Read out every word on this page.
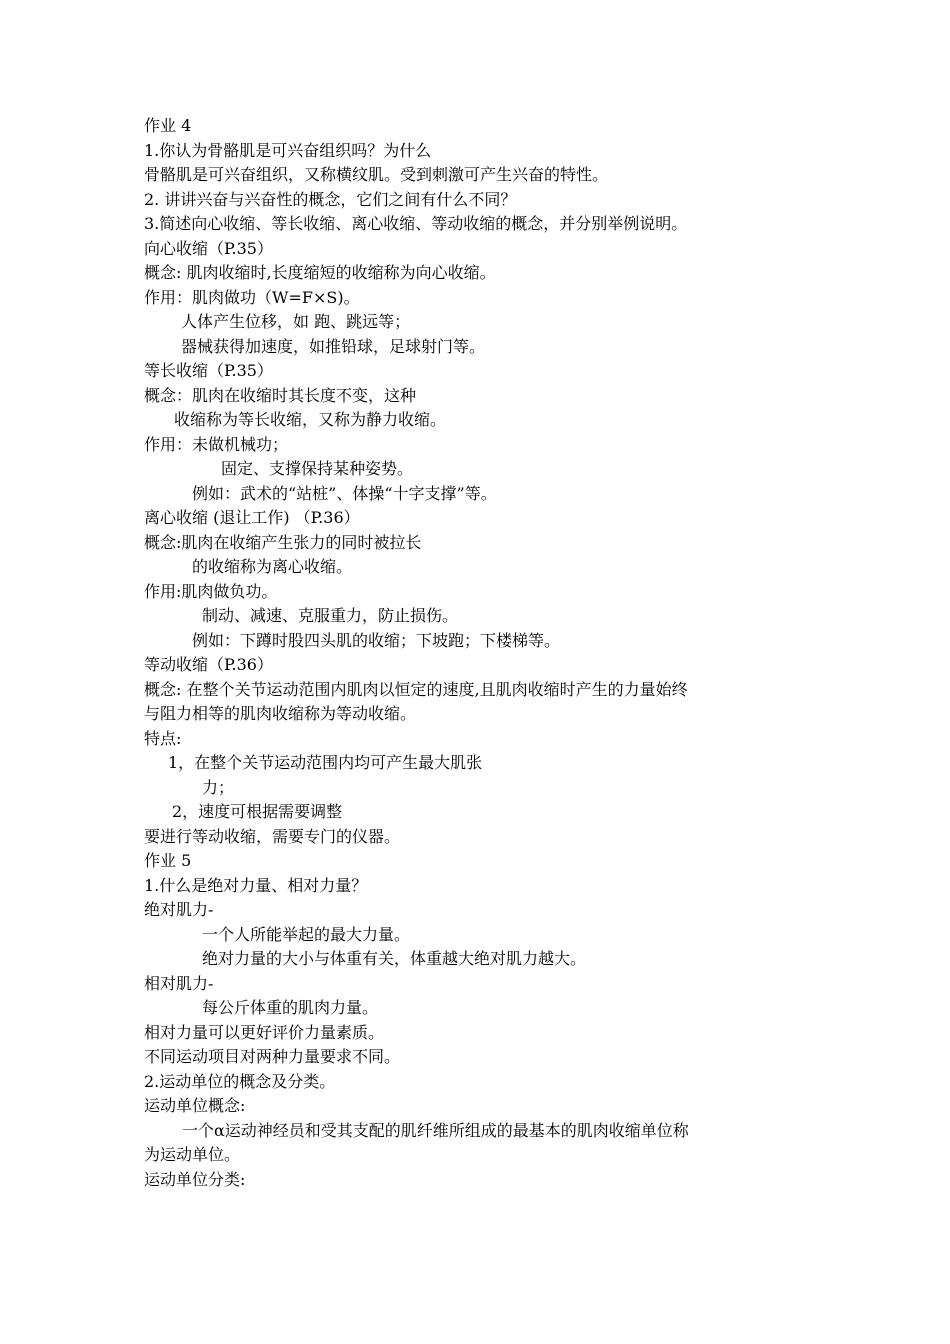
作业 4
1.你认为骨骼肌是可兴奋组织吗？为什么
骨骼肌是可兴奋组织，又称横纹肌。受到刺激可产生兴奋的特性。
2. 讲讲兴奋与兴奋性的概念，它们之间有什么不同？
3.简述向心收缩、等长收缩、离心收缩、等动收缩的概念，并分别举例说明。
向心收缩（P.35）
概念: 肌肉收缩时,长度缩短的收缩称为向心收缩。
作用：肌肉做功（W=F×S)。
人体产生位移，如 跑、跳远等；
器械获得加速度，如推铅球，足球射门等。
等长收缩（P.35）
概念：肌肉在收缩时其长度不变，这种
收缩称为等长收缩，又称为静力收缩。
作用：未做机械功；
固定、支撑保持某种姿势。
例如：武术的“站桩”、体操“十字支撑”等。
离心收缩 (退让工作) （P.36）
概念:肌肉在收缩产生张力的同时被拉长
的收缩称为离心收缩。
作用:肌肉做负功。
制动、减速、克服重力，防止损伤。
例如：下蹲时股四头肌的收缩；下坡跑；下楼梯等。
等动收缩（P.36）
概念: 在整个关节运动范围内肌肉以恒定的速度,且肌肉收缩时产生的力量始终
与阻力相等的肌肉收缩称为等动收缩。
特点:
1，在整个关节运动范围内均可产生最大肌张
力；
2，速度可根据需要调整
要进行等动收缩，需要专门的仪器。
作业 5
1.什么是绝对力量、相对力量？
绝对肌力-
一个人所能举起的最大力量。
绝对力量的大小与体重有关，体重越大绝对肌力越大。
相对肌力-
每公斤体重的肌肉力量。
相对力量可以更好评价力量素质。
不同运动项目对两种力量要求不同。
2.运动单位的概念及分类。
运动单位概念:
一个α运动神经员和受其支配的肌纤维所组成的最基本的肌肉收缩单位称
为运动单位。
运动单位分类:
